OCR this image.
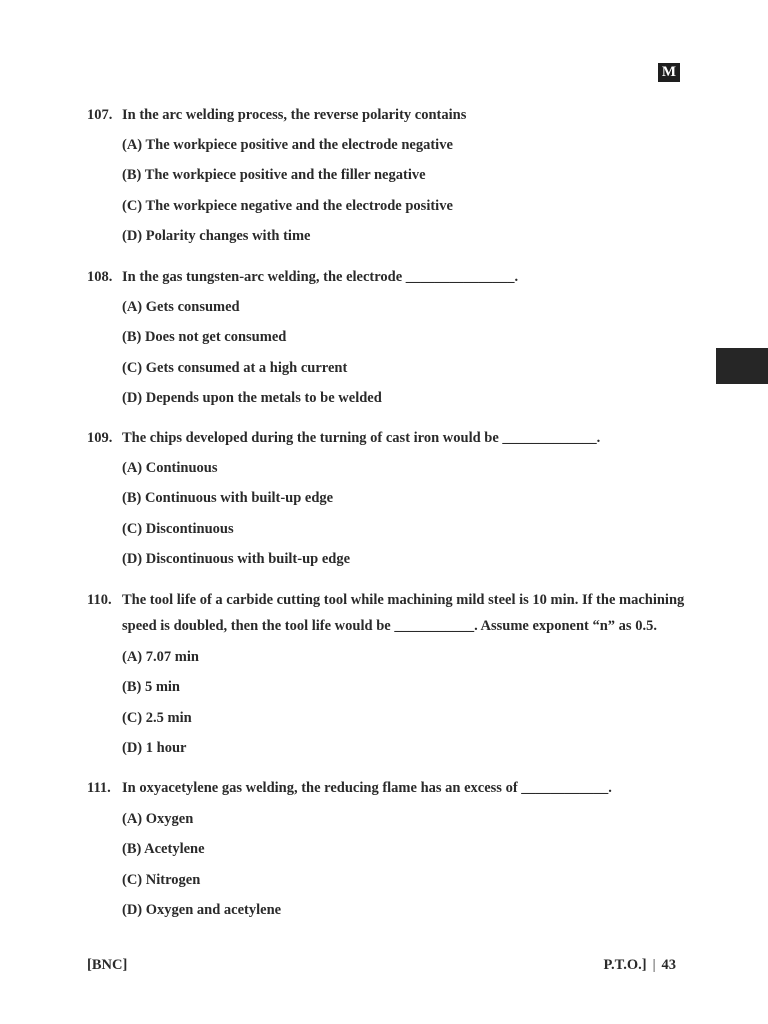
M
107. In the arc welding process, the reverse polarity contains
(A) The workpiece positive and the electrode negative
(B) The workpiece positive and the filler negative
(C) The workpiece negative and the electrode positive
(D) Polarity changes with time
108. In the gas tungsten-arc welding, the electrode _______________.
(A) Gets consumed
(B) Does not get consumed
(C) Gets consumed at a high current
(D) Depends upon the metals to be welded
109. The chips developed during the turning of cast iron would be _____________.
(A) Continuous
(B) Continuous with built-up edge
(C) Discontinuous
(D) Discontinuous with built-up edge
110. The tool life of a carbide cutting tool while machining mild steel is 10 min. If the machining
speed is doubled, then the tool life would be ___________. Assume exponent “n” as 0.5.
(A) 7.07 min
(B) 5 min
(C) 2.5 min
(D) 1 hour
111. In oxyacetylene gas welding, the reducing flame has an excess of ____________.
(A) Oxygen
(B) Acetylene
(C) Nitrogen
(D) Oxygen and acetylene
[BNC]	P.T.O.] | 43
